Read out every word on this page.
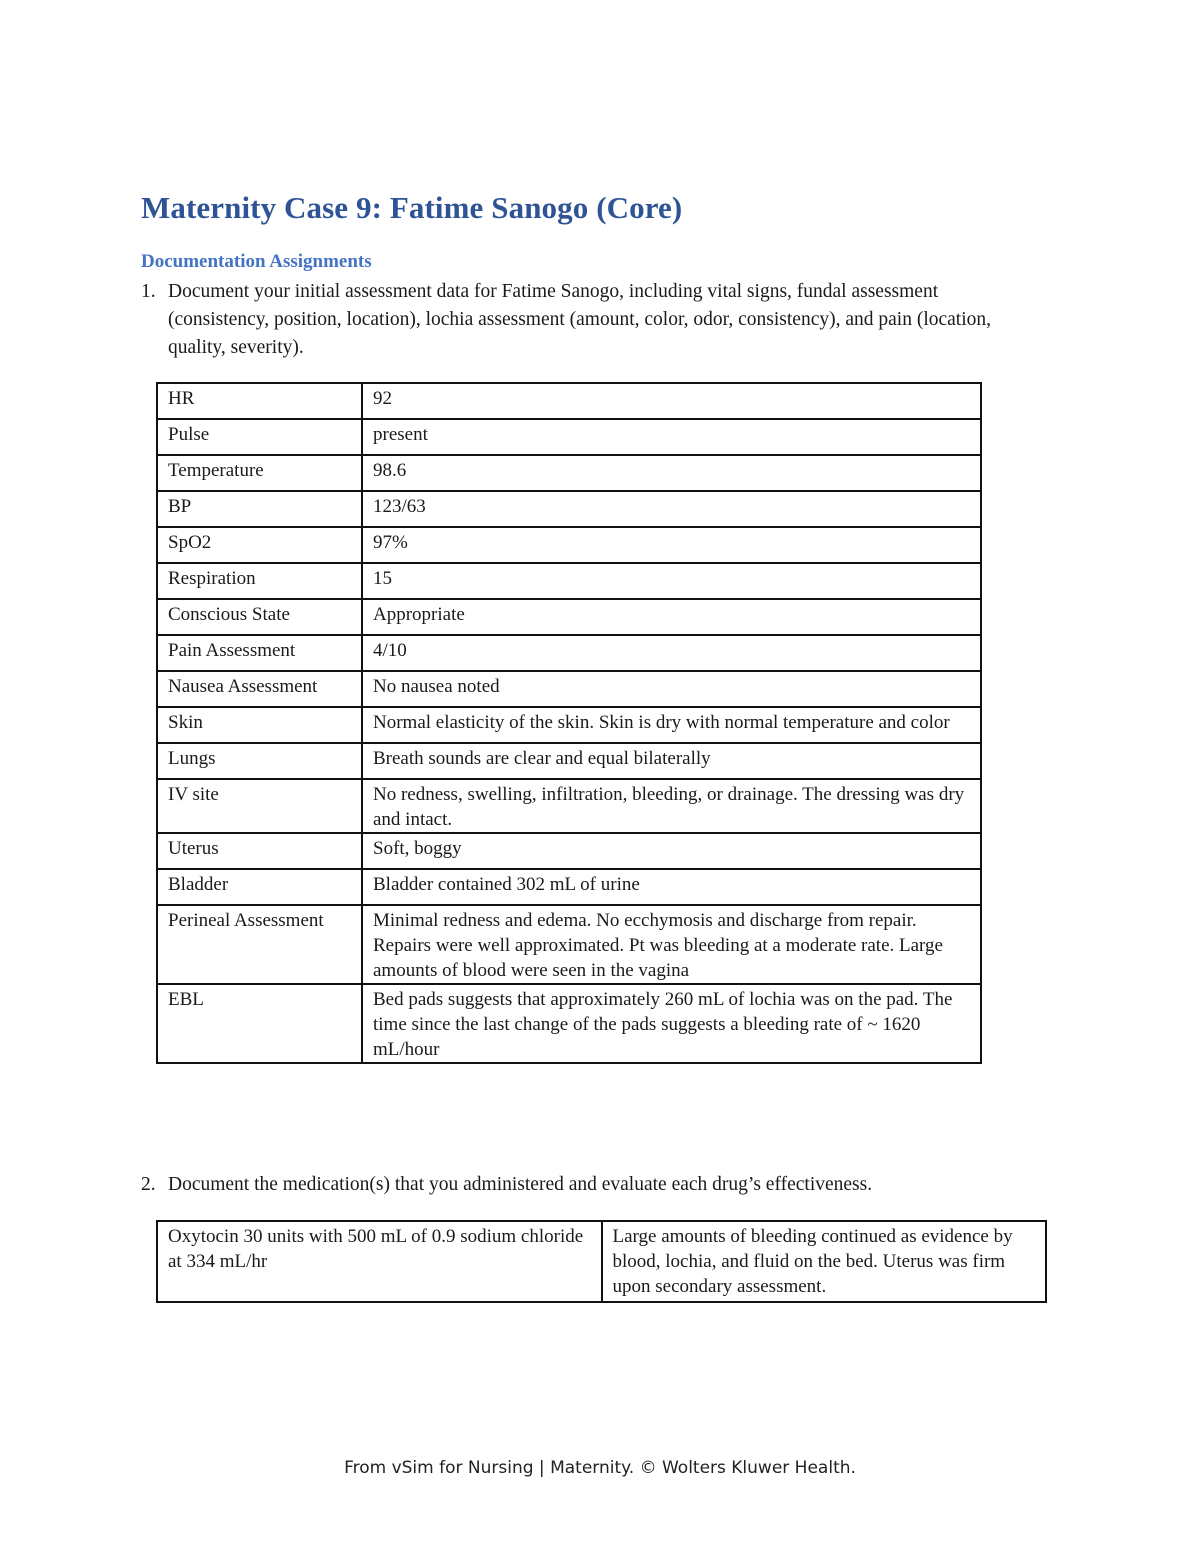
Maternity Case 9: Fatime Sanogo (Core)
Documentation Assignments
1. Document your initial assessment data for Fatime Sanogo, including vital signs, fundal assessment (consistency, position, location), lochia assessment (amount, color, odor, consistency), and pain (location, quality, severity).
HR	92
Pulse	present
Temperature	98.6
BP	123/63
SpO2	97%
Respiration	15
Conscious State	Appropriate
Pain Assessment	4/10
Nausea Assessment	No nausea noted
Skin	Normal elasticity of the skin. Skin is dry with normal temperature and color
Lungs	Breath sounds are clear and equal bilaterally
IV site	No redness, swelling, infiltration, bleeding, or drainage. The dressing was dry and intact.
Uterus	Soft, boggy
Bladder	Bladder contained 302 mL of urine
Perineal Assessment	Minimal redness and edema. No ecchymosis and discharge from repair. Repairs were well approximated. Pt was bleeding at a moderate rate. Large amounts of blood were seen in the vagina
EBL	Bed pads suggests that approximately 260 mL of lochia was on the pad. The time since the last change of the pads suggests a bleeding rate of ~ 1620 mL/hour
2. Document the medication(s) that you administered and evaluate each drug’s effectiveness.
Oxytocin 30 units with 500 mL of 0.9 sodium chloride at 334 mL/hr	Large amounts of bleeding continued as evidence by blood, lochia, and fluid on the bed. Uterus was firm upon secondary assessment.
From vSim for Nursing | Maternity. © Wolters Kluwer Health.
